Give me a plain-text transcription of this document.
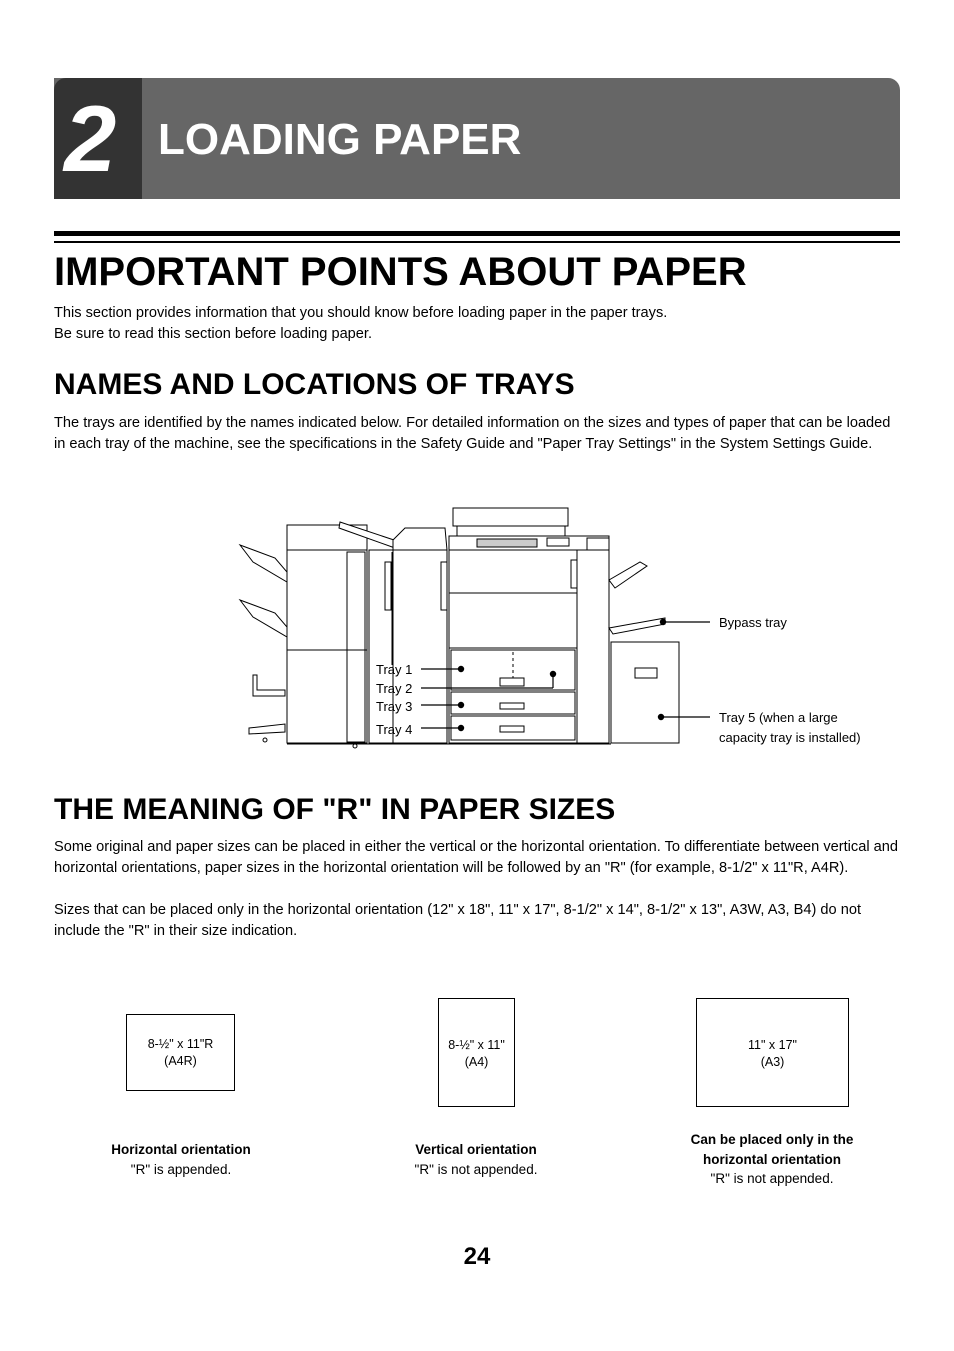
2 LOADING PAPER
IMPORTANT POINTS ABOUT PAPER

This section provides information that you should know before loading paper in the paper trays.

Be sure to read this section before loading paper.

NAMES AND LOCATIONS OF TRAYS

The trays are identified by the names indicated below. For detailed information on the sizes and types of paper that can be loaded in each tray of the machine, see the specifications in the Safety Guide and "Paper Tray Settings" in the System Settings Guide.

Tray 1
Tray 2
Tray 3
Tray 4
Bypass tray
Tray 5 (when a large
capacity tray is installed)
THE MEANING OF "R" IN PAPER SIZES

Some original and paper sizes can be placed in either the vertical or the horizontal orientation. To differentiate between vertical and horizontal orientations, paper sizes in the horizontal orientation will be followed by an "R" (for example, 8-1/2" x 11"R, A4R).

Sizes that can be placed only in the horizontal orientation (12" x 18", 11" x 17", 8-1/2" x 14", 8-1/2" x 13", A3W, A3, B4) do not include the "R" in their size indication.

8-½" x 11"R
(A4R)
8-½" x 11"
(A4)
11" x 17"
(A3)
Horizontal orientation
"R" is appended.
Vertical orientation
"R" is not appended.
Can be placed only in the
horizontal orientation
"R" is not appended.
24
